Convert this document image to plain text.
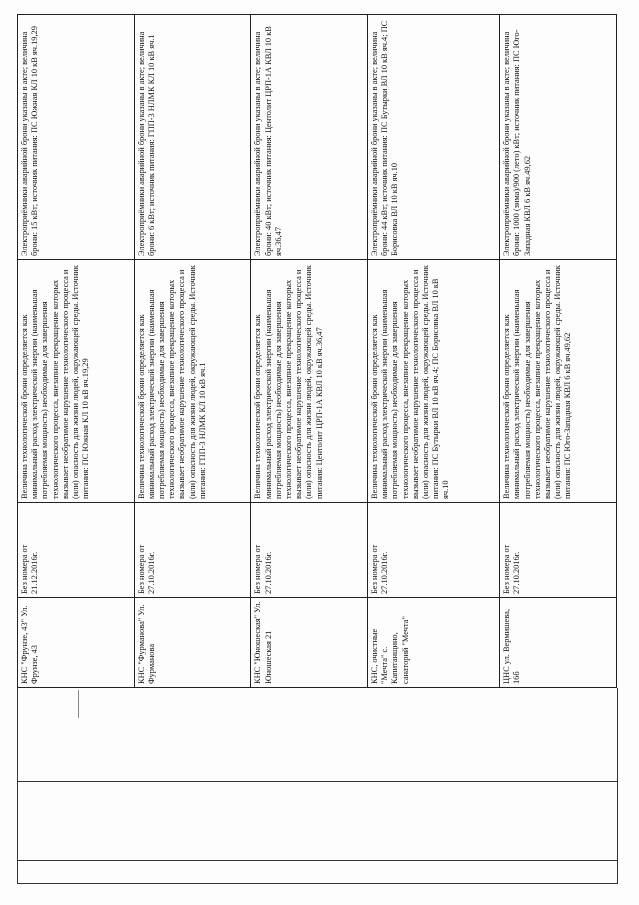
КНС "Фрунзе, 43" Ул. Фрунзе, 43	Без номера от 21.12.2016г.	Величина технологической брони определяется как минимальный расход электрической энергии (наименьшая потребляемая мощность) необходимые для завершения технологического процесса, внезапное прекращение которых вызывает необратимое нарушение технологического процесса и (или) опасность для жизни людей, окружающей среды. Источник питания: ПС Южная КЛ 10 кВ яч.19,29	Электроприёмники аварийной брони указаны в акте; величина брони: 15 кВт; источник питания: ПС Южная КЛ 10 кВ яч.19,29
КНС "Фурманова" Ул. Фурманова	Без номера от 27.10.2016г.	Величина технологической брони определяется как минимальный расход электрической энергии (наименьшая потребляемая мощность) необходимые для завершения технологического процесса, внезапное прекращение которых вызывает необратимое нарушение технологического процесса и (или) опасность для жизни людей, окружающей среды. Источник питания: ГПП-3 НЛМК КЛ 10 кВ яч.1	Электроприёмники аварийной брони указаны в акте; величина брони: 6 кВт; источник питания: ГПП-3 НЛМК КЛ 10 кВ яч.1
КНС "Юношеская" Ул. Юношеская 21	Без номера от 27.10.2016г.	Величина технологической брони определяется как минимальный расход электрической энергии (наименьшая потребляемая мощность) необходимые для завершения технологического процесса, внезапное прекращение которых вызывает необратимое нарушение технологического процесса и (или) опасность для жизни людей, окружающей среды. Источник питания: Центолит ЦРП-1А КВЛ 10 кВ яч.36,47	Электроприёмники аварийной брони указаны в акте; величина брони: 40 кВт; источник питания: Центолит ЦРП-1А КВЛ 10 кВ яч.36,47
КНС, очистные "Мечта" с. Капитанщино, санаторий "Мечта"	Без номера от 27.10.2016г.	Величина технологической брони определяется как минимальный расход электрической энергии (наименьшая потребляемая мощность) необходимые для завершения технологического процесса, внезапное прекращение которых вызывает необратимое нарушение технологического процесса и (или) опасность для жизни людей, окружающей среды. Источник питания: ПС Бутырки ВЛ 10 кВ яч.4; ПС Борисовка ВЛ 10 кВ яч.10	Электроприёмники аварийной брони указаны в акте; величина брони: 44 кВт; источник питания: ПС Бутырки ВЛ 10 кВ яч.4; ПС Борисовка ВЛ 10 кВ яч.10
ЦНС ул. Вермишева, 16б	Без номера от 27.10.2016г.	Величина технологической брони определяется как минимальный расход электрической энергии (наименьшая потребляемая мощность) необходимые для завершения технологического процесса, внезапное прекращение которых вызывает необратимое нарушение технологического процесса и (или) опасность для жизни людей, окружающей среды. Источник питания: ПС Юго-Западная КВЛ 6 кВ яч.49,62	Электроприёмники аварийной брони указаны в акте; величина брони: 1000 (зима)/900 (лето) кВт; источник питания: ПС Юго-Западная КВЛ 6 кВ яч.49,62
